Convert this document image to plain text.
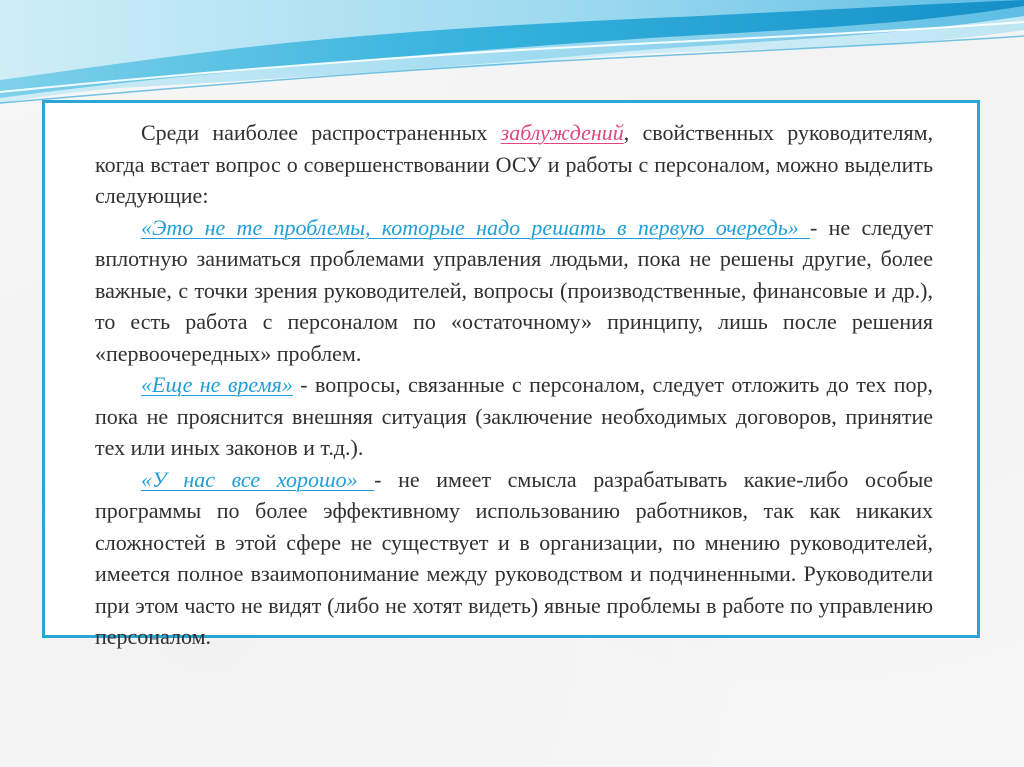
Среди наиболее распространенных заблуждений, свойственных руководителям, когда встает вопрос о совершенствовании ОСУ и работы с персоналом, можно выделить следующие:

«Это не те проблемы, которые надо решать в первую очередь» - не следует вплотную заниматься проблемами управления людьми, пока не решены другие, более важные, с точки зрения руководителей, вопросы (производственные, финансовые и др.), то есть работа с персоналом по «остаточному» принципу, лишь после решения «первоочередных» проблем.

«Еще не время» - вопросы, связанные с персоналом, следует отложить до тех пор, пока не прояснится внешняя ситуация (заключение необходимых договоров, принятие тех или иных законов и т.д.).

«У нас все хорошо» - не имеет смысла разрабатывать какие-либо особые программы по более эффективному использованию работников, так как никаких сложностей в этой сфере не существует и в организации, по мнению руководителей, имеется полное взаимопонимание между руководством и подчиненными. Руководители при этом часто не видят (либо не хотят видеть) явные проблемы в работе по управлению персоналом.
